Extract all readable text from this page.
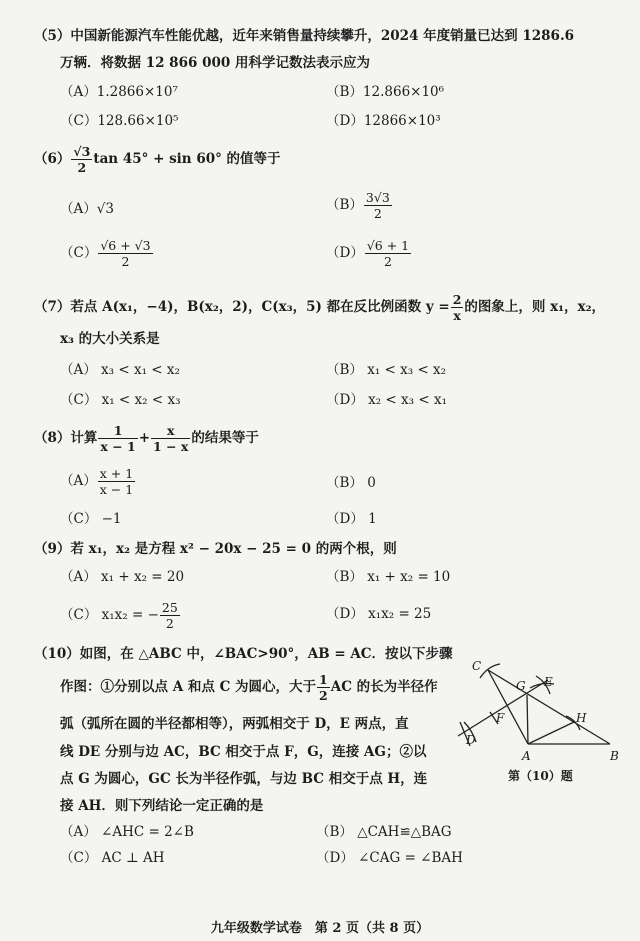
（5）中国新能源汽车性能优越，近年来销售量持续攀升，2024 年度销量已达到 1286.6
万辆．将数据 12 866 000 用科学记数法表示应为
（A）1.2866×10⁷	（B）12.866×10⁶
（C）128.66×10⁵	（D）12866×10³
$(6) \frac{√3}{2}$ tan 45° + sin 60° 的值等于
（A）√3	$(B) \frac{3√3}{2}$
$(C) \frac{√6 + √3}{2}$	$(D) \frac{√6 + 1}{2}$
（7）若点 A(x₁，−4)，B(x₂，2)，C(x₃，5) 都在反比例函数 $y = \frac{2}{x}$ 的图象上，则 x₁，x₂，
x₃ 的大小关系是
（A） x₃ < x₁ < x₂	（B） x₁ < x₃ < x₂
（C） x₁ < x₂ < x₃	（D） x₂ < x₃ < x₁
（8）计算 $\frac{1}{x - 1} + \frac{x}{1 - x}$ 的结果等于
$(A) \frac{x + 1}{x - 1}$	（B） 0
（C） −1	（D） 1
（9）若 x₁，x₂ 是方程 x² − 20x − 25 = 0 的两个根，则
（A） x₁ + x₂ = 20	（B） x₁ + x₂ = 10
（C） x₁x₂ = − $\frac{25}{2}$	（D） x₁x₂ = 25
（10）如图，在 △ABC 中，∠BAC>90°，AB = AC．按以下步骤
作图：①分别以点 A 和点 C 为圆心，大于 $\frac{1}{2}$ AC 的长为半径作
弧（弧所在圆的半径都相等），两弧相交于 D，E 两点，直
线 DE 分别与边 AC，BC 相交于点 F，G，连接 AG；②以
点 G 为圆心，GC 长为半径作弧，与边 BC 相交于点 H，连
接 AH．则下列结论一定正确的是
（A） ∠AHC = 2∠B	（B） △CAH≌△BAG
（C） AC ⊥ AH	（D） ∠CAG = ∠BAH
C
G E
F	H
D
A	B
第（10）题
九年级数学试卷　第 2 页（共 8 页）
